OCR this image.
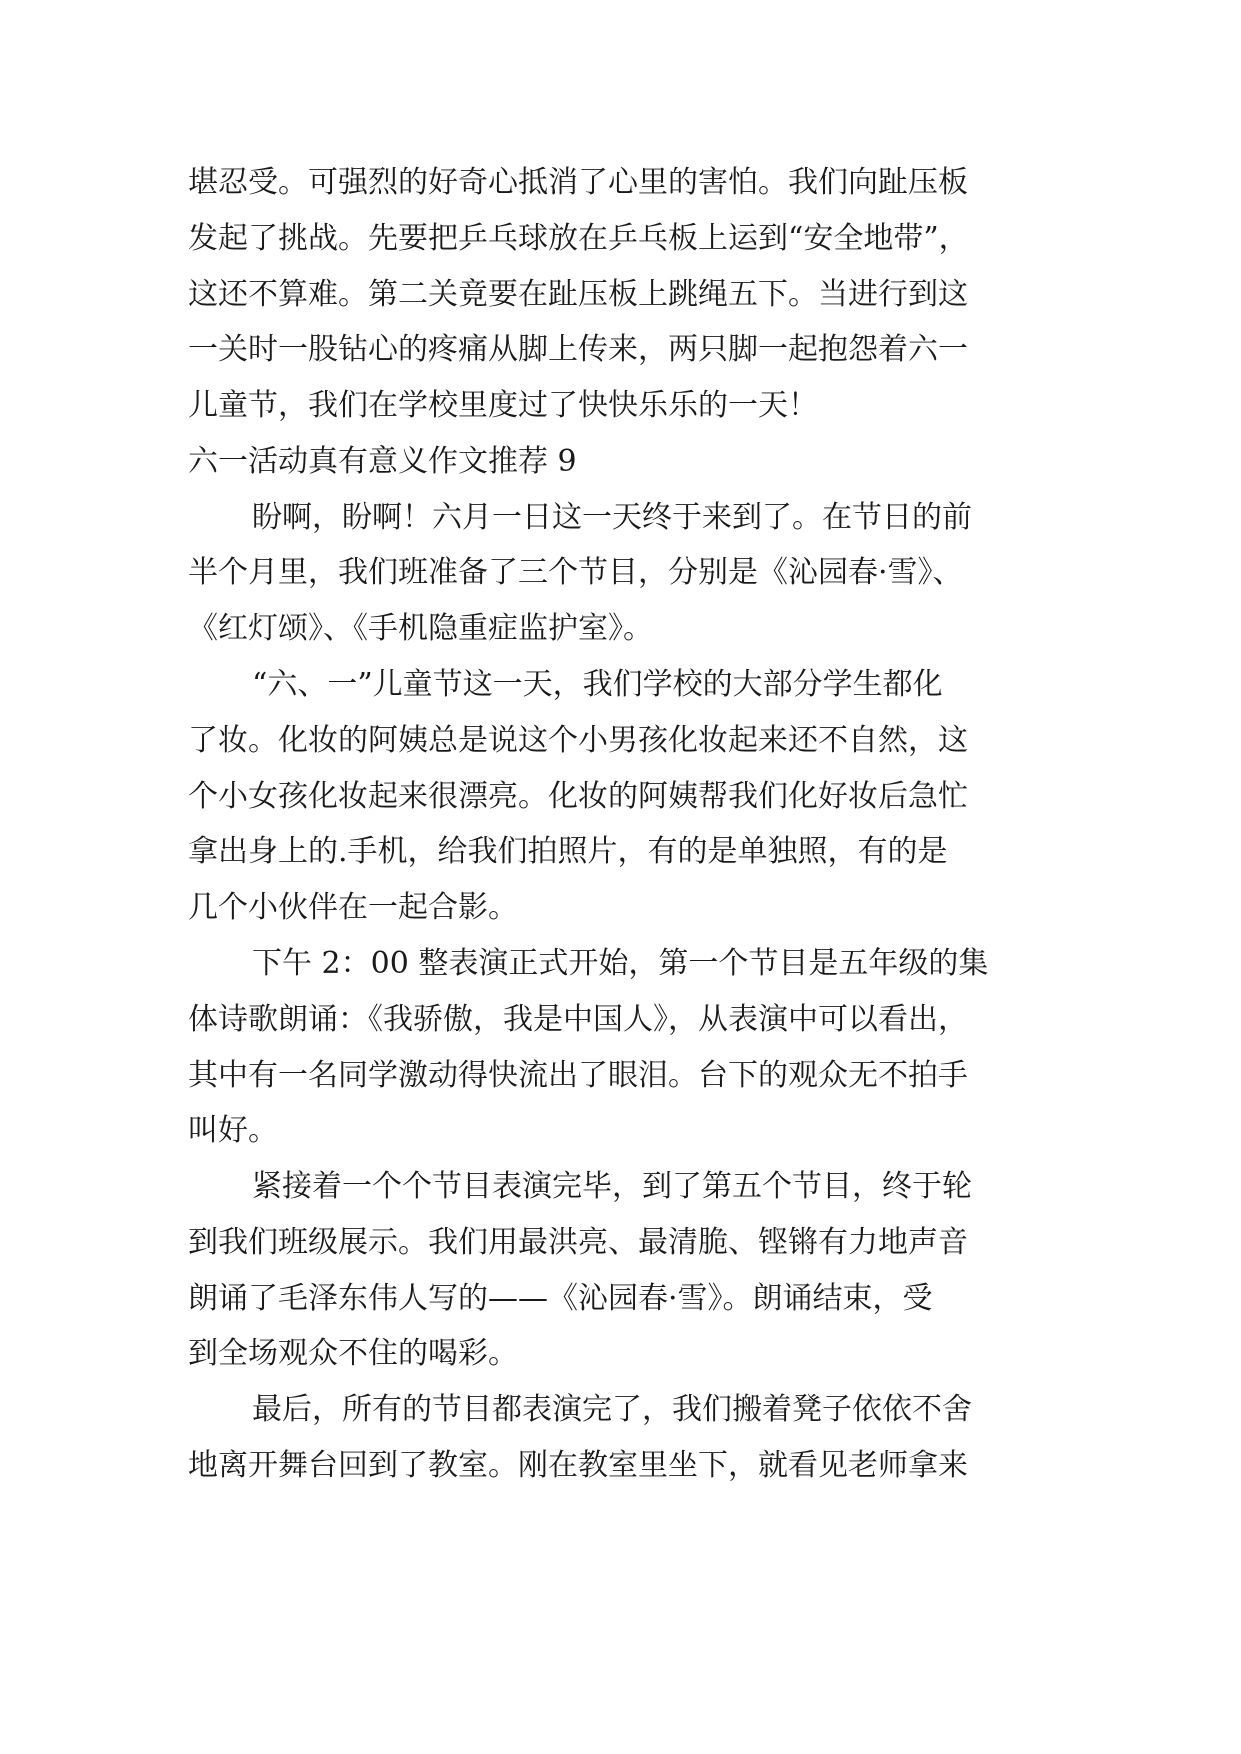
堪忍受。可强烈的好奇心抵消了心里的害怕。我们向趾压板
发起了挑战。先要把乒乓球放在乒乓板上运到“安全地带”，
这还不算难。第二关竟要在趾压板上跳绳五下。当进行到这
一关时一股钻心的疼痛从脚上传来，两只脚一起抱怨着六一
儿童节，我们在学校里度过了快快乐乐的一天！
六一活动真有意义作文推荐 9
盼啊，盼啊！六月一日这一天终于来到了。在节日的前
半个月里，我们班准备了三个节目，分别是《沁园春·雪》、
《红灯颂》、《手机隐重症监护室》。
“六、一”儿童节这一天，我们学校的大部分学生都化
了妆。化妆的阿姨总是说这个小男孩化妆起来还不自然，这
个小女孩化妆起来很漂亮。化妆的阿姨帮我们化好妆后急忙
拿出身上的.手机，给我们拍照片，有的是单独照，有的是
几个小伙伴在一起合影。
下午 2：00 整表演正式开始，第一个节目是五年级的集
体诗歌朗诵：《我骄傲，我是中国人》，从表演中可以看出，
其中有一名同学激动得快流出了眼泪。台下的观众无不拍手
叫好。
紧接着一个个节目表演完毕，到了第五个节目，终于轮
到我们班级展示。我们用最洪亮、最清脆、铿锵有力地声音
朗诵了毛泽东伟人写的——《沁园春·雪》。朗诵结束，受
到全场观众不住的喝彩。
最后，所有的节目都表演完了，我们搬着凳子依依不舍
地离开舞台回到了教室。刚在教室里坐下，就看见老师拿来
